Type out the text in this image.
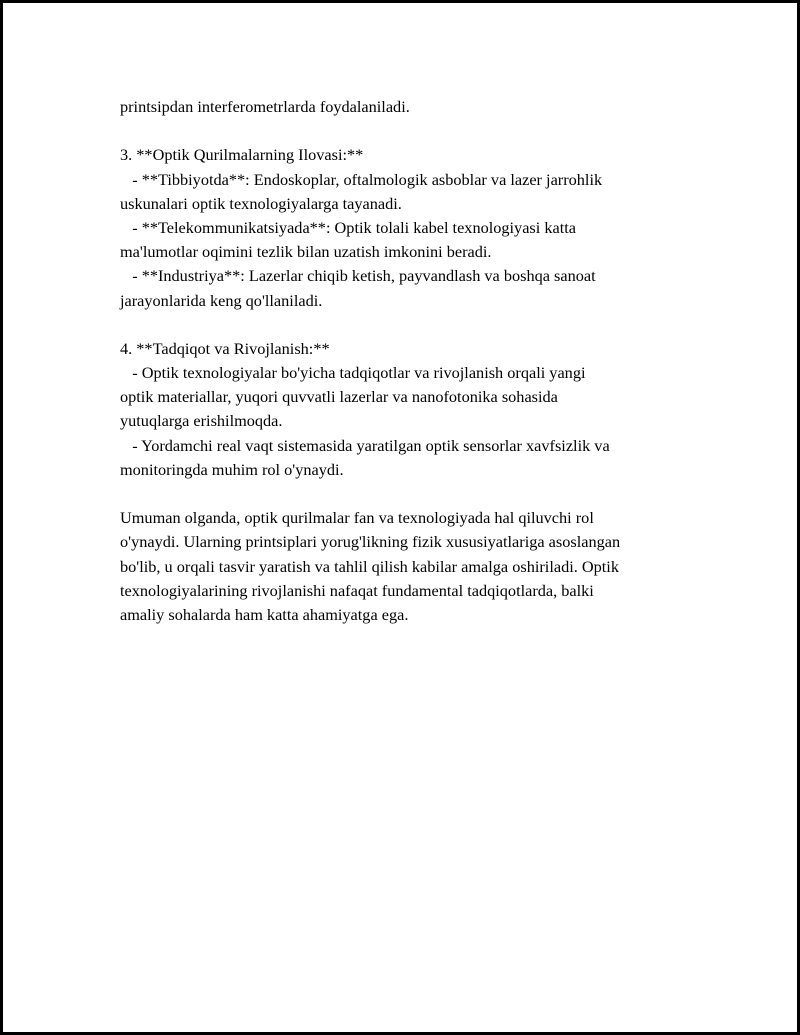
printsipdan interferometrlarda foydalaniladi.
3. **Optik Qurilmalarning Ilovasi:**
- **Tibbiyotda**: Endoskoplar, oftalmologik asboblar va lazer jarrohlik
uskunalari optik texnologiyalarga tayanadi.
- **Telekommunikatsiyada**: Optik tolali kabel texnologiyasi katta
ma'lumotlar oqimini tezlik bilan uzatish imkonini beradi.
- **Industriya**: Lazerlar chiqib ketish, payvandlash va boshqa sanoat
jarayonlarida keng qo'llaniladi.
4. **Tadqiqot va Rivojlanish:**
- Optik texnologiyalar bo'yicha tadqiqotlar va rivojlanish orqali yangi
optik materiallar, yuqori quvvatli lazerlar va nanofotonika sohasida
yutuqlarga erishilmoqda.
- Yordamchi real vaqt sistemasida yaratilgan optik sensorlar xavfsizlik va
monitoringda muhim rol o'ynaydi.
Umuman olganda, optik qurilmalar fan va texnologiyada hal qiluvchi rol
o'ynaydi. Ularning printsiplari yorug'likning fizik xususiyatlariga asoslangan
bo'lib, u orqali tasvir yaratish va tahlil qilish kabilar amalga oshiriladi. Optik
texnologiyalarining rivojlanishi nafaqat fundamental tadqiqotlarda, balki
amaliy sohalarda ham katta ahamiyatga ega.
